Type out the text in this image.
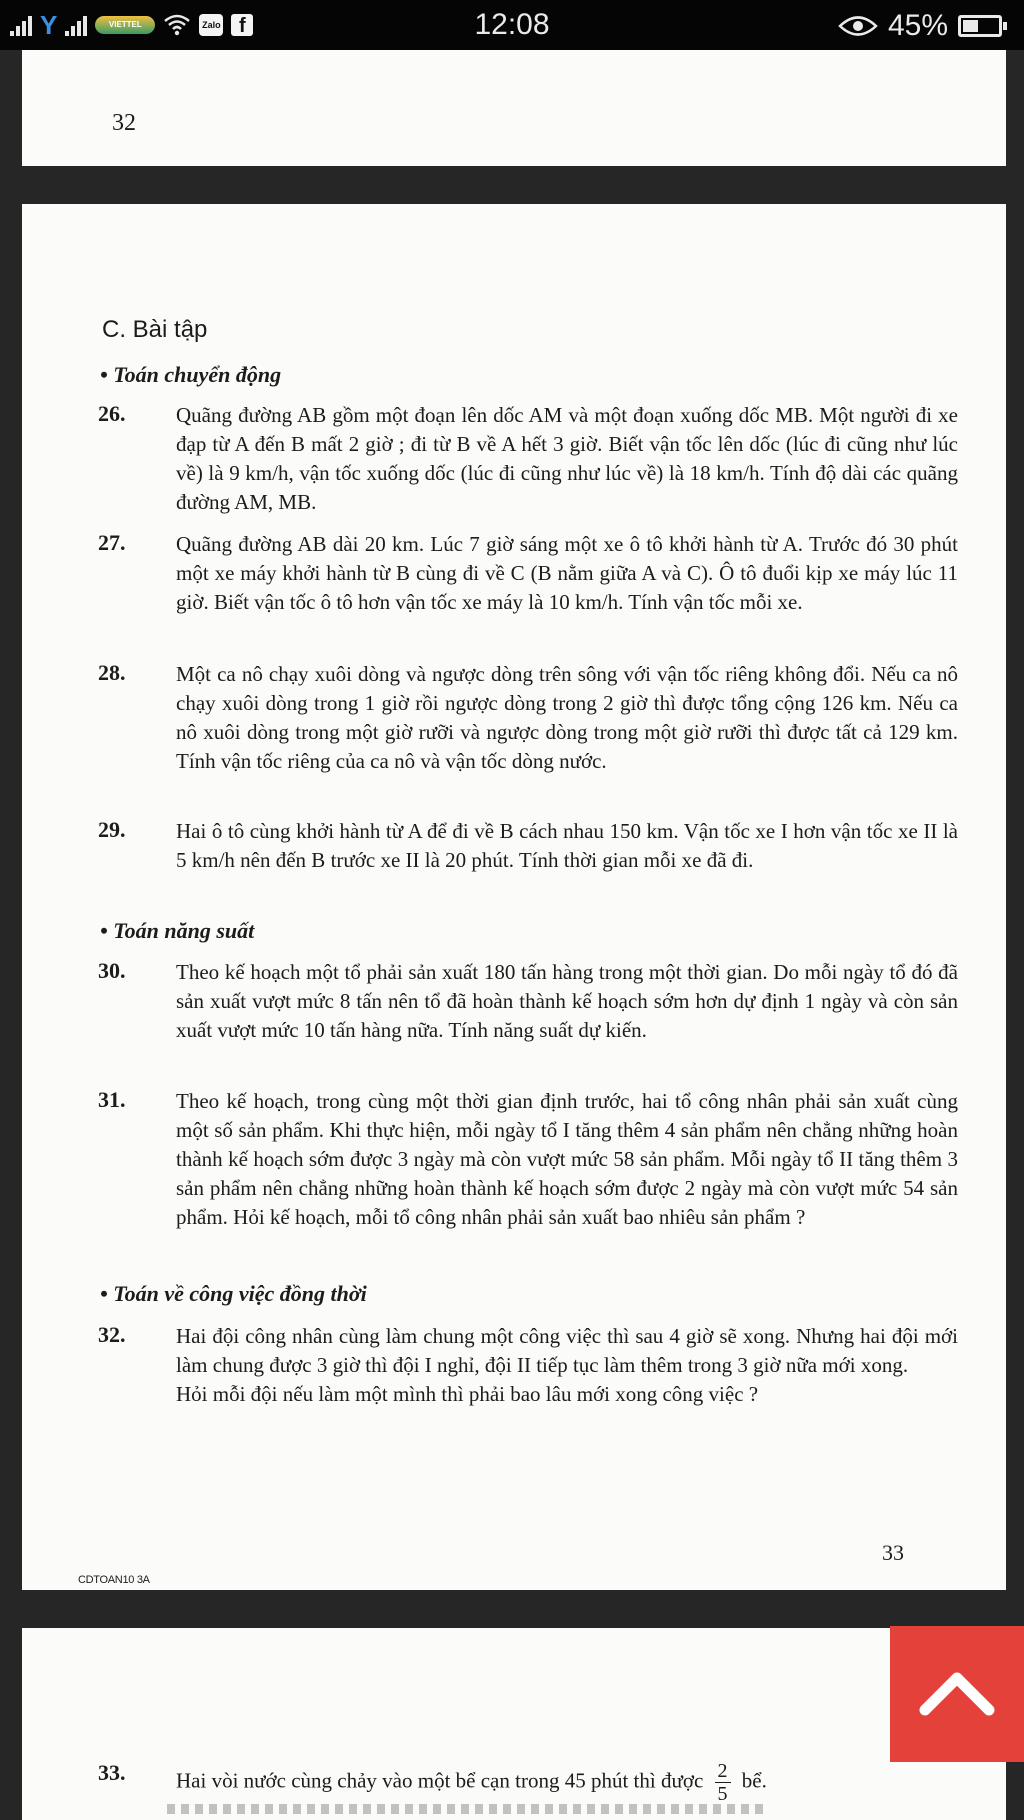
Y	VIETTEL	Zalo f	12:08	45%
32
C. Bài tập
• Toán chuyển động
26. Quãng đường AB gồm một đoạn lên dốc AM và một đoạn xuống dốc MB. Một người đi xe đạp từ A đến B mất 2 giờ ; đi từ B về A hết 3 giờ. Biết vận tốc lên dốc (lúc đi cũng như lúc về) là 9 km/h, vận tốc xuống dốc (lúc đi cũng như lúc về) là 18 km/h. Tính độ dài các quãng đường AM, MB.

27. Quãng đường AB dài 20 km. Lúc 7 giờ sáng một xe ô tô khởi hành từ A. Trước đó 30 phút một xe máy khởi hành từ B cùng đi về C (B nằm giữa A và C). Ô tô đuổi kịp xe máy lúc 11 giờ. Biết vận tốc ô tô hơn vận tốc xe máy là 10 km/h. Tính vận tốc mỗi xe.

28. Một ca nô chạy xuôi dòng và ngược dòng trên sông với vận tốc riêng không đổi. Nếu ca nô chạy xuôi dòng trong 1 giờ rồi ngược dòng trong 2 giờ thì được tổng cộng 126 km. Nếu ca nô xuôi dòng trong một giờ rưỡi và ngược dòng trong một giờ rưỡi thì được tất cả 129 km. Tính vận tốc riêng của ca nô và vận tốc dòng nước.

29. Hai ô tô cùng khởi hành từ A để đi về B cách nhau 150 km. Vận tốc xe I hơn vận tốc xe II là 5 km/h nên đến B trước xe II là 20 phút. Tính thời gian mỗi xe đã đi.

• Toán năng suất
30. Theo kế hoạch một tổ phải sản xuất 180 tấn hàng trong một thời gian. Do mỗi ngày tổ đó đã sản xuất vượt mức 8 tấn nên tổ đã hoàn thành kế hoạch sớm hơn dự định 1 ngày và còn sản xuất vượt mức 10 tấn hàng nữa. Tính năng suất dự kiến.

31. Theo kế hoạch, trong cùng một thời gian định trước, hai tổ công nhân phải sản xuất cùng một số sản phẩm. Khi thực hiện, mỗi ngày tổ I tăng thêm 4 sản phẩm nên chẳng những hoàn thành kế hoạch sớm được 3 ngày mà còn vượt mức 58 sản phẩm. Mỗi ngày tổ II tăng thêm 3 sản phẩm nên chẳng những hoàn thành kế hoạch sớm được 2 ngày mà còn vượt mức 54 sản phẩm. Hỏi kế hoạch, mỗi tổ công nhân phải sản xuất bao nhiêu sản phẩm ?

• Toán về công việc đồng thời
32. Hai đội công nhân cùng làm chung một công việc thì sau 4 giờ sẽ xong. Nhưng hai đội mới làm chung được 3 giờ thì đội I nghỉ, đội II tiếp tục làm thêm trong 3 giờ nữa mới xong.

Hỏi mỗi đội nếu làm một mình thì phải bao lâu mới xong công việc ?

33
CDTOAN10 3A
33. Hai vòi nước cùng chảy vào một bể cạn trong 45 phút thì được $\frac{2}{5}$ bể.
